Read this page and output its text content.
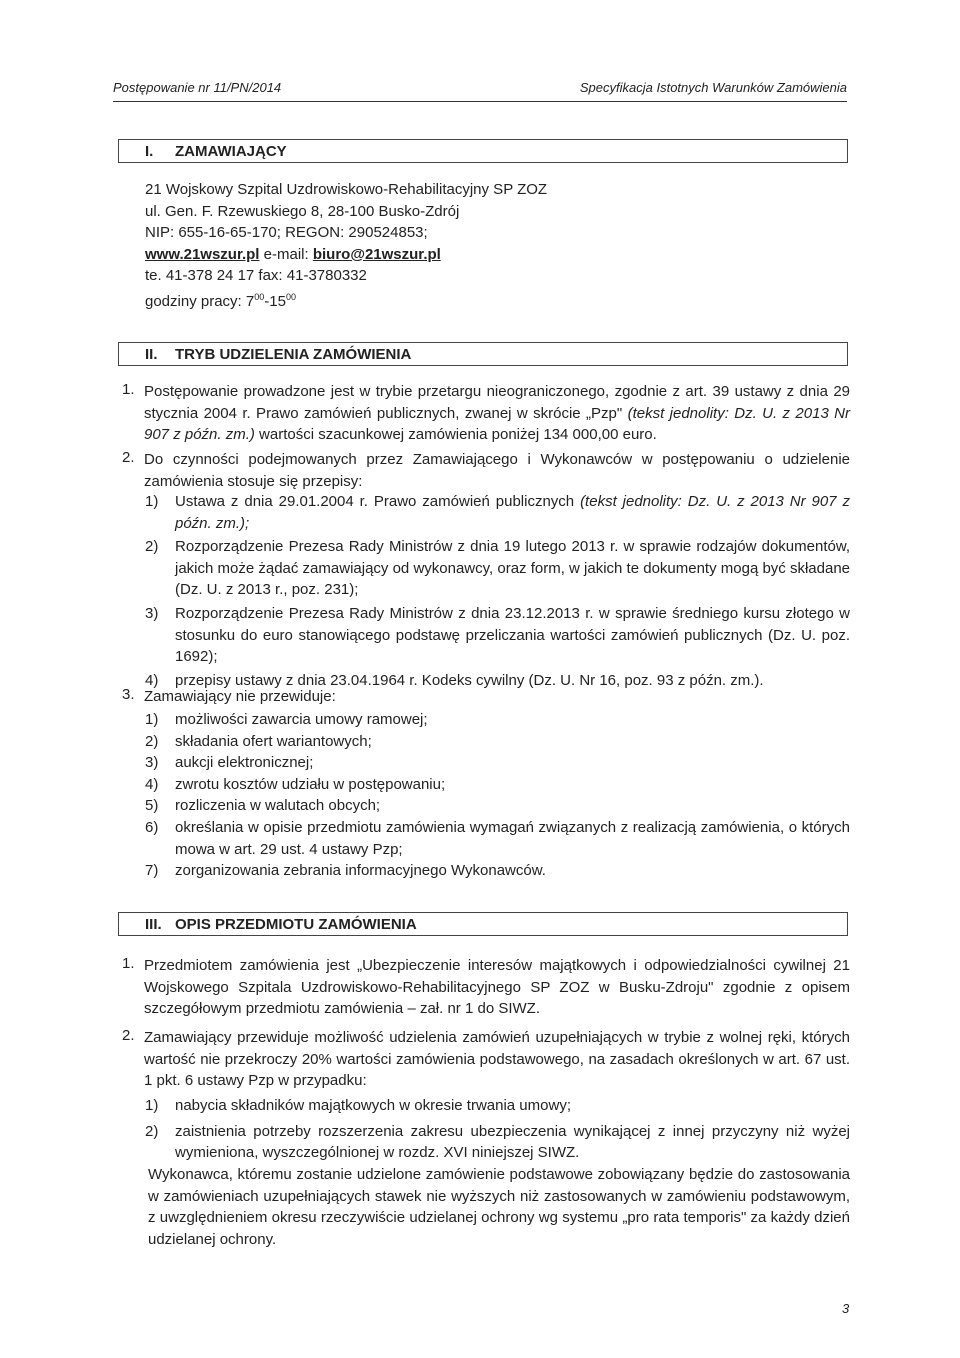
Postępowanie nr 11/PN/2014	Specyfikacja Istotnych Warunków Zamówienia
I. ZAMAWIAJĄCY
21 Wojskowy Szpital Uzdrowiskowo-Rehabilitacyjny SP ZOZ
ul. Gen. F. Rzewuskiego 8, 28-100 Busko-Zdrój
NIP: 655-16-65-170; REGON: 290524853;
www.21wszur.pl e-mail: biuro@21wszur.pl
te. 41-378 24 17 fax: 41-3780332
godziny pracy: $7^{00}-15^{00}$
II. TRYB UDZIELENIA ZAMÓWIENIA
1. Postępowanie prowadzone jest w trybie przetargu nieograniczonego, zgodnie z art. 39 ustawy z dnia 29 stycznia 2004 r. Prawo zamówień publicznych, zwanej w skrócie „Pzp" (tekst jednolity: Dz. U. z 2013 Nr 907 z późn. zm.) wartości szacunkowej zamówienia poniżej 134 000,00 euro.
2. Do czynności podejmowanych przez Zamawiającego i Wykonawców w postępowaniu o udzielenie zamówienia stosuje się przepisy:
1)	Ustawa z dnia 29.01.2004 r. Prawo zamówień publicznych (tekst jednolity: Dz. U. z 2013 Nr 907 z późn. zm.);
2)	Rozporządzenie Prezesa Rady Ministrów z dnia 19 lutego 2013 r. w sprawie rodzajów dokumentów, jakich może żądać zamawiający od wykonawcy, oraz form, w jakich te dokumenty mogą być składane (Dz. U. z 2013 r., poz. 231);
3)	Rozporządzenie Prezesa Rady Ministrów z dnia 23.12.2013 r. w sprawie średniego kursu złotego w stosunku do euro stanowiącego podstawę przeliczania wartości zamówień publicznych (Dz. U. poz. 1692);
4)	przepisy ustawy z dnia 23.04.1964 r. Kodeks cywilny (Dz. U. Nr 16, poz. 93 z późn. zm.).
3. Zamawiający nie przewiduje:
1)	możliwości zawarcia umowy ramowej;
2)	składania ofert wariantowych;
3)	aukcji elektronicznej;
4)	zwrotu kosztów udziału w postępowaniu;
5)	rozliczenia w walutach obcych;
6)	określania w opisie przedmiotu zamówienia wymagań związanych z realizacją zamówienia, o których mowa w art. 29 ust. 4 ustawy Pzp;
7)	zorganizowania zebrania informacyjnego Wykonawców.
III. OPIS PRZEDMIOTU ZAMÓWIENIA
1. Przedmiotem zamówienia jest „Ubezpieczenie interesów majątkowych i odpowiedzialności cywilnej 21 Wojskowego Szpitala Uzdrowiskowo-Rehabilitacyjnego SP ZOZ w Busku-Zdroju" zgodnie z opisem szczegółowym przedmiotu zamówienia – zał. nr 1 do SIWZ.
2. Zamawiający przewiduje możliwość udzielenia zamówień uzupełniających w trybie z wolnej ręki, których wartość nie przekroczy 20% wartości zamówienia podstawowego, na zasadach określonych w art. 67 ust. 1 pkt. 6 ustawy Pzp w przypadku:
1)	nabycia składników majątkowych w okresie trwania umowy;
2)	zaistnienia potrzeby rozszerzenia zakresu ubezpieczenia wynikającej z innej przyczyny niż wyżej wymieniona, wyszczególnionej w rozdz. XVI niniejszej SIWZ.
Wykonawca, któremu zostanie udzielone zamówienie podstawowe zobowiązany będzie do zastosowania w zamówieniach uzupełniających stawek nie wyższych niż zastosowanych w zamówieniu podstawowym, z uwzględnieniem okresu rzeczywiście udzielanej ochrony wg systemu „pro rata temporis" za każdy dzień udzielanej ochrony.
3
